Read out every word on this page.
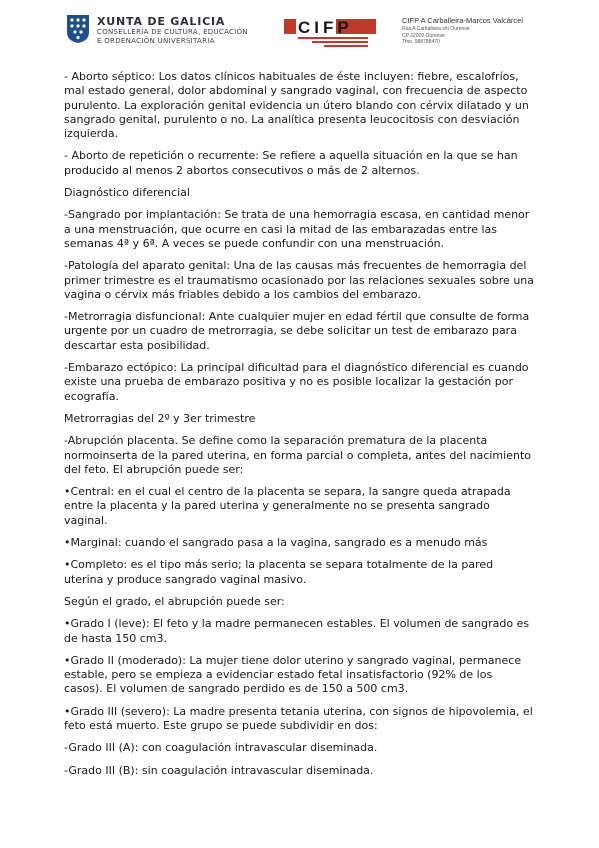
XUNTA DE GALICIA
CONSELLERÍA DE CULTURA, EDUCACIÓN
E ORDENACIÓN UNIVERSITARIA
CIFP	CIFP A Carballeira-Marcos Valcárcel
Rúa A Carballeira s/n Ourense
CP 32002 Ourense
Tfno. 988788470

- Aborto séptico: Los datos clínicos habituales de éste incluyen: fiebre, escalofríos, mal estado general, dolor abdominal y sangrado vaginal, con frecuencia de aspecto purulento. La exploración genital evidencia un útero blando con cérvix dilatado y un sangrado genital, purulento o no. La analítica presenta leucocitosis con desviación izquierda.

- Aborto de repetición o recurrente: Se refiere a aquella situación en la que se han producido al menos 2 abortos consecutivos o más de 2 alternos.

Diagnóstico diferencial

-Sangrado por implantación: Se trata de una hemorragia escasa, en cantidad menor a una menstruación, que ocurre en casi la mitad de las embarazadas entre las semanas 4ª y 6ª. A veces se puede confundir con una menstruación.

-Patología del aparato genital: Una de las causas más frecuentes de hemorragia del primer trimestre es el traumatismo ocasionado por las relaciones sexuales sobre una vagina o cérvix más friables debido a los cambios del embarazo.

-Metrorragia disfuncional: Ante cualquier mujer en edad fértil que consulte de forma urgente por un cuadro de metrorragia, se debe solicitar un test de embarazo para descartar esta posibilidad.

-Embarazo ectópico: La principal dificultad para el diagnóstico diferencial es cuando existe una prueba de embarazo positiva y no es posible localizar la gestación por ecografía.

Metrorragias del 2º y 3er trimestre

-Abrupción placenta. Se define como la separación prematura de la placenta normoinserta de la pared uterina, en forma parcial o completa, antes del nacimiento del feto. El abrupción puede ser:

•Central: en el cual el centro de la placenta se separa, la sangre queda atrapada entre la placenta y la pared uterina y generalmente no se presenta sangrado vaginal.

•Marginal: cuando el sangrado pasa a la vagina, sangrado es a menudo más

•Completo: es el tipo más serio; la placenta se separa totalmente de la pared uterina y produce sangrado vaginal masivo.

Según el grado, el abrupción puede ser:

•Grado I (leve): El feto y la madre permanecen estables. El volumen de sangrado es de hasta 150 cm3.

•Grado II (moderado): La mujer tiene dolor uterino y sangrado vaginal, permanece estable, pero se empieza a evidenciar estado fetal insatisfactorio (92% de los casos). El volumen de sangrado perdido es de 150 a 500 cm3.

•Grado III (severo): La madre presenta tetania uterina, con signos de hipovolemia, el feto está muerto. Este grupo se puede subdividir en dos:

-Grado III (A): con coagulación intravascular diseminada.

-Grado III (B): sin coagulación intravascular diseminada.
